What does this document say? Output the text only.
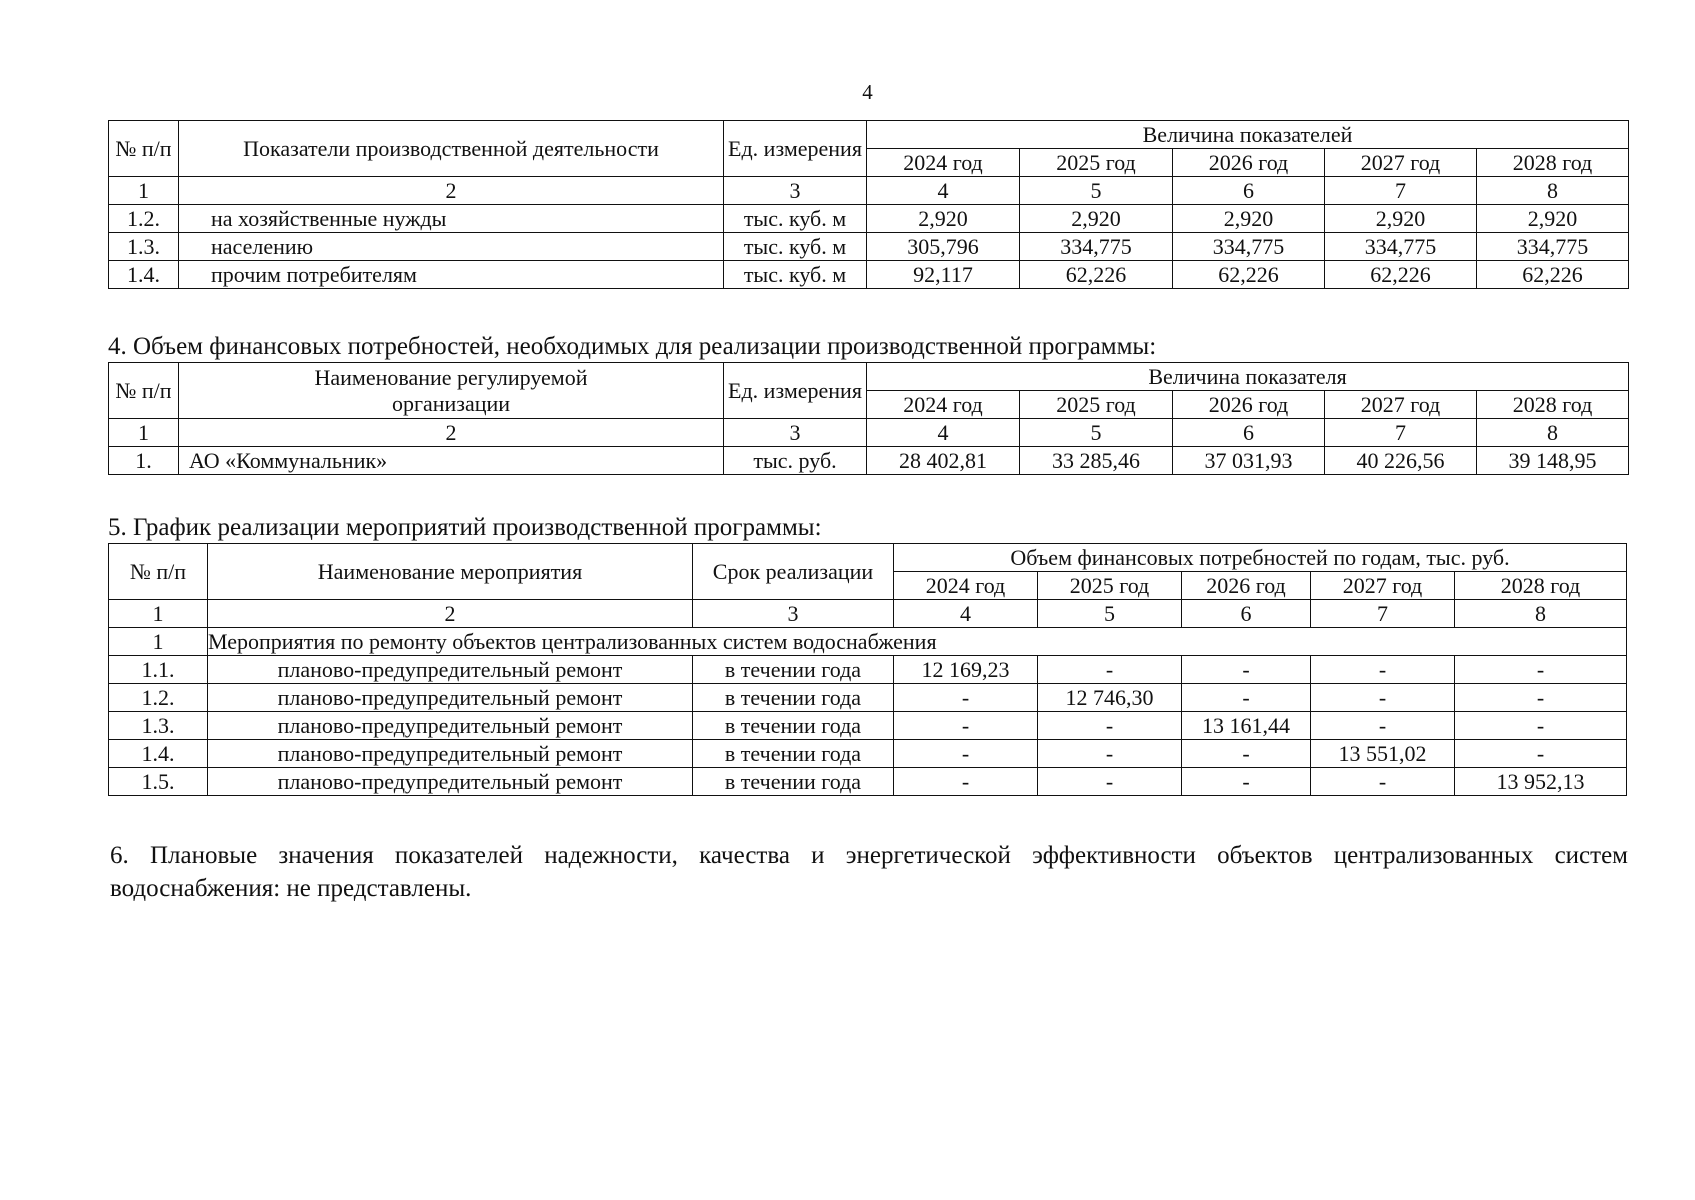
4
№ п/п	Показатели производственной деятельности	Ед. измерения	Величина показателей				
			2024 год	2025 год	2026 год	2027 год	2028 год
1	2	3	4	5	6	7	8
1.2.	на хозяйственные нужды	тыс. куб. м	2,920	2,920	2,920	2,920	2,920
1.3.	населению	тыс. куб. м	305,796	334,775	334,775	334,775	334,775
1.4.	прочим потребителям	тыс. куб. м	92,117	62,226	62,226	62,226	62,226
4. Объем финансовых потребностей, необходимых для реализации производственной программы:
№ п/п	Наименование регулируемой организации	Ед. измерения	Величина показателя				
			2024 год	2025 год	2026 год	2027 год	2028 год
1	2	3	4	5	6	7	8
1.	АО «Коммунальник»	тыс. руб.	28 402,81	33 285,46	37 031,93	40 226,56	39 148,95
5. График реализации мероприятий производственной программы:
№ п/п	Наименование мероприятия	Срок реализации	Объем финансовых потребностей по годам, тыс. руб.				
			2024 год	2025 год	2026 год	2027 год	2028 год
1	2	3	4	5	6	7	8
1	Мероприятия по ремонту объектов централизованных систем водоснабжения						
1.1.	планово-предупредительный ремонт	в течении года	12 169,23	-	-	-	-
1.2.	планово-предупредительный ремонт	в течении года	-	12 746,30	-	-	-
1.3.	планово-предупредительный ремонт	в течении года	-	-	13 161,44	-	-
1.4.	планово-предупредительный ремонт	в течении года	-	-	-	13 551,02	-
1.5.	планово-предупредительный ремонт	в течении года	-	-	-	-	13 952,13
6. Плановые значения показателей надежности, качества и энергетической эффективности объектов централизованных систем водоснабжения: не представлены.
